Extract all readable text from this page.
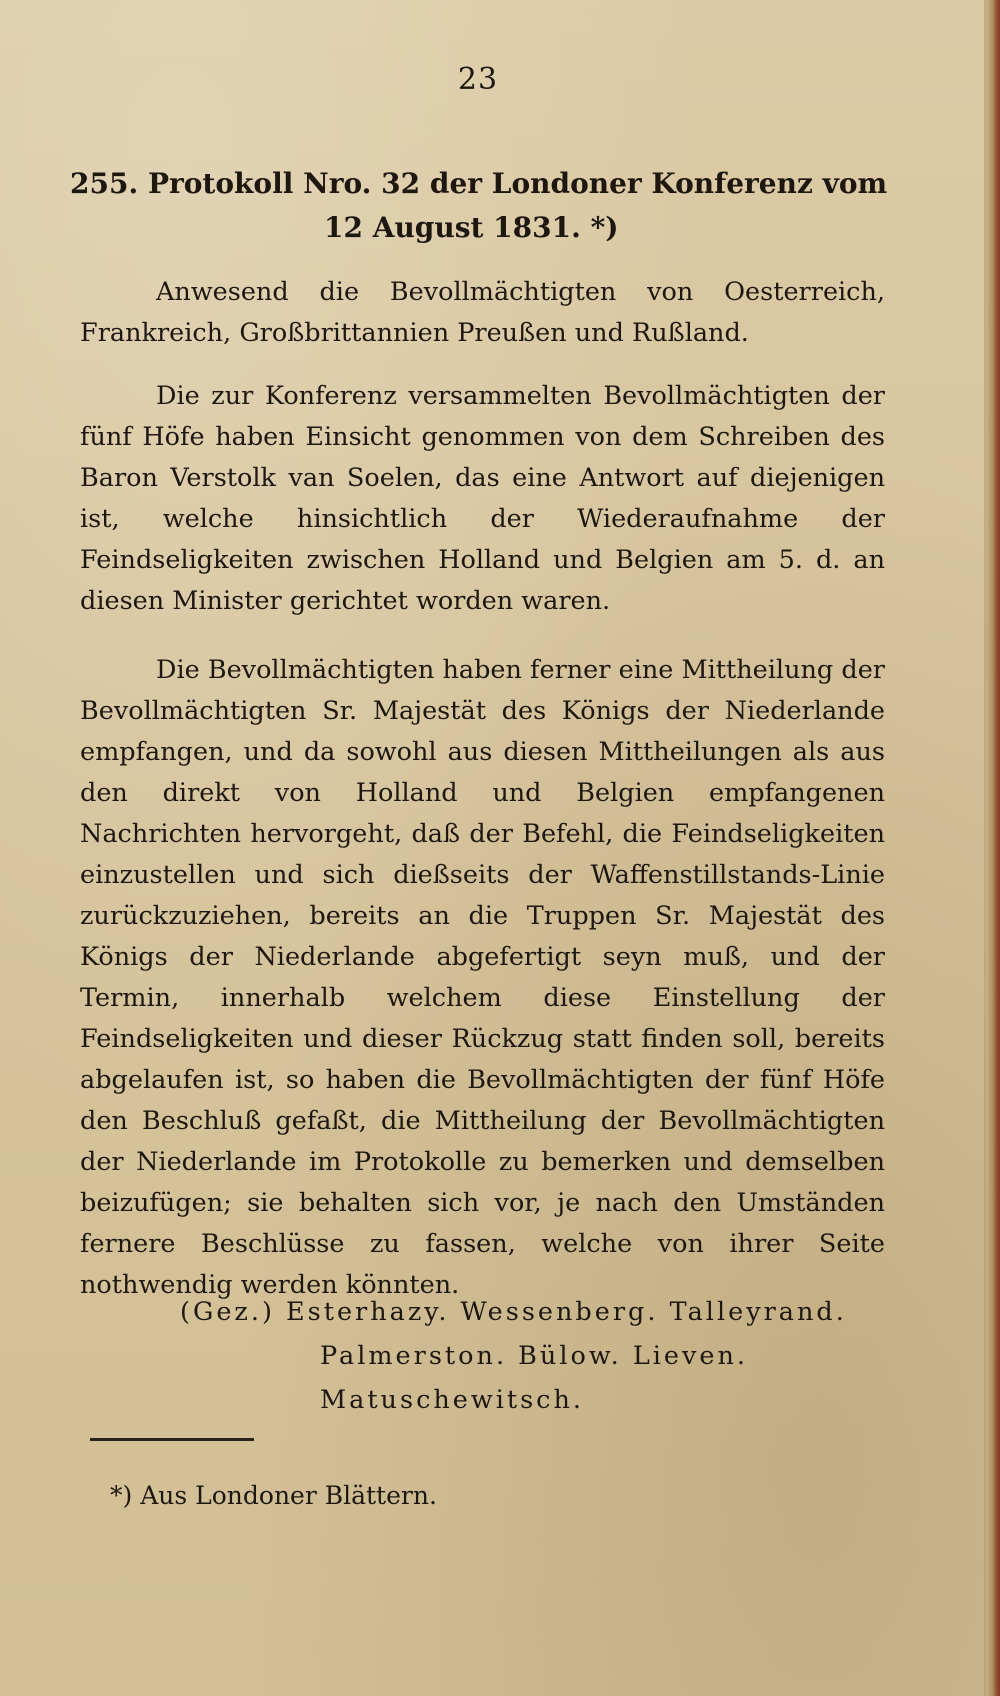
23
255. Protokoll Nro. 32 der Londoner Konferenz vom
12 August 1831. *)
Anwesend die Bevollmächtigten von Oesterreich, Frankreich, Großbrittannien Preußen und Rußland.
Die zur Konferenz versammelten Bevollmächtigten der fünf Höfe haben Einsicht genommen von dem Schreiben des Baron Verstolk van Soelen, das eine Antwort auf diejenigen ist, welche hinsichtlich der Wiederaufnahme der Feindseligkeiten zwischen Holland und Belgien am 5. d. an diesen Minister gerichtet worden waren.
Die Bevollmächtigten haben ferner eine Mittheilung der Bevollmächtigten Sr. Majestät des Königs der Niederlande empfangen, und da sowohl aus diesen Mittheilungen als aus den direkt von Holland und Belgien empfangenen Nachrichten hervorgeht, daß der Befehl, die Feindseligkeiten einzustellen und sich dießseits der Waffenstillstands-Linie zurückzuziehen, bereits an die Truppen Sr. Majestät des Königs der Niederlande abgefertigt seyn muß, und der Termin, innerhalb welchem diese Einstellung der Feindseligkeiten und dieser Rückzug statt finden soll, bereits abgelaufen ist, so haben die Bevollmächtigten der fünf Höfe den Beschluß gefaßt, die Mittheilung der Bevollmächtigten der Niederlande im Protokolle zu bemerken und demselben beizufügen; sie behalten sich vor, je nach den Umständen fernere Beschlüsse zu fassen, welche von ihrer Seite nothwendig werden könnten.
(Gez.) Esterhazy. Wessenberg. Talleyrand.
Palmerston. Bülow. Lieven.
Matuschewitsch.
*) Aus Londoner Blättern.
